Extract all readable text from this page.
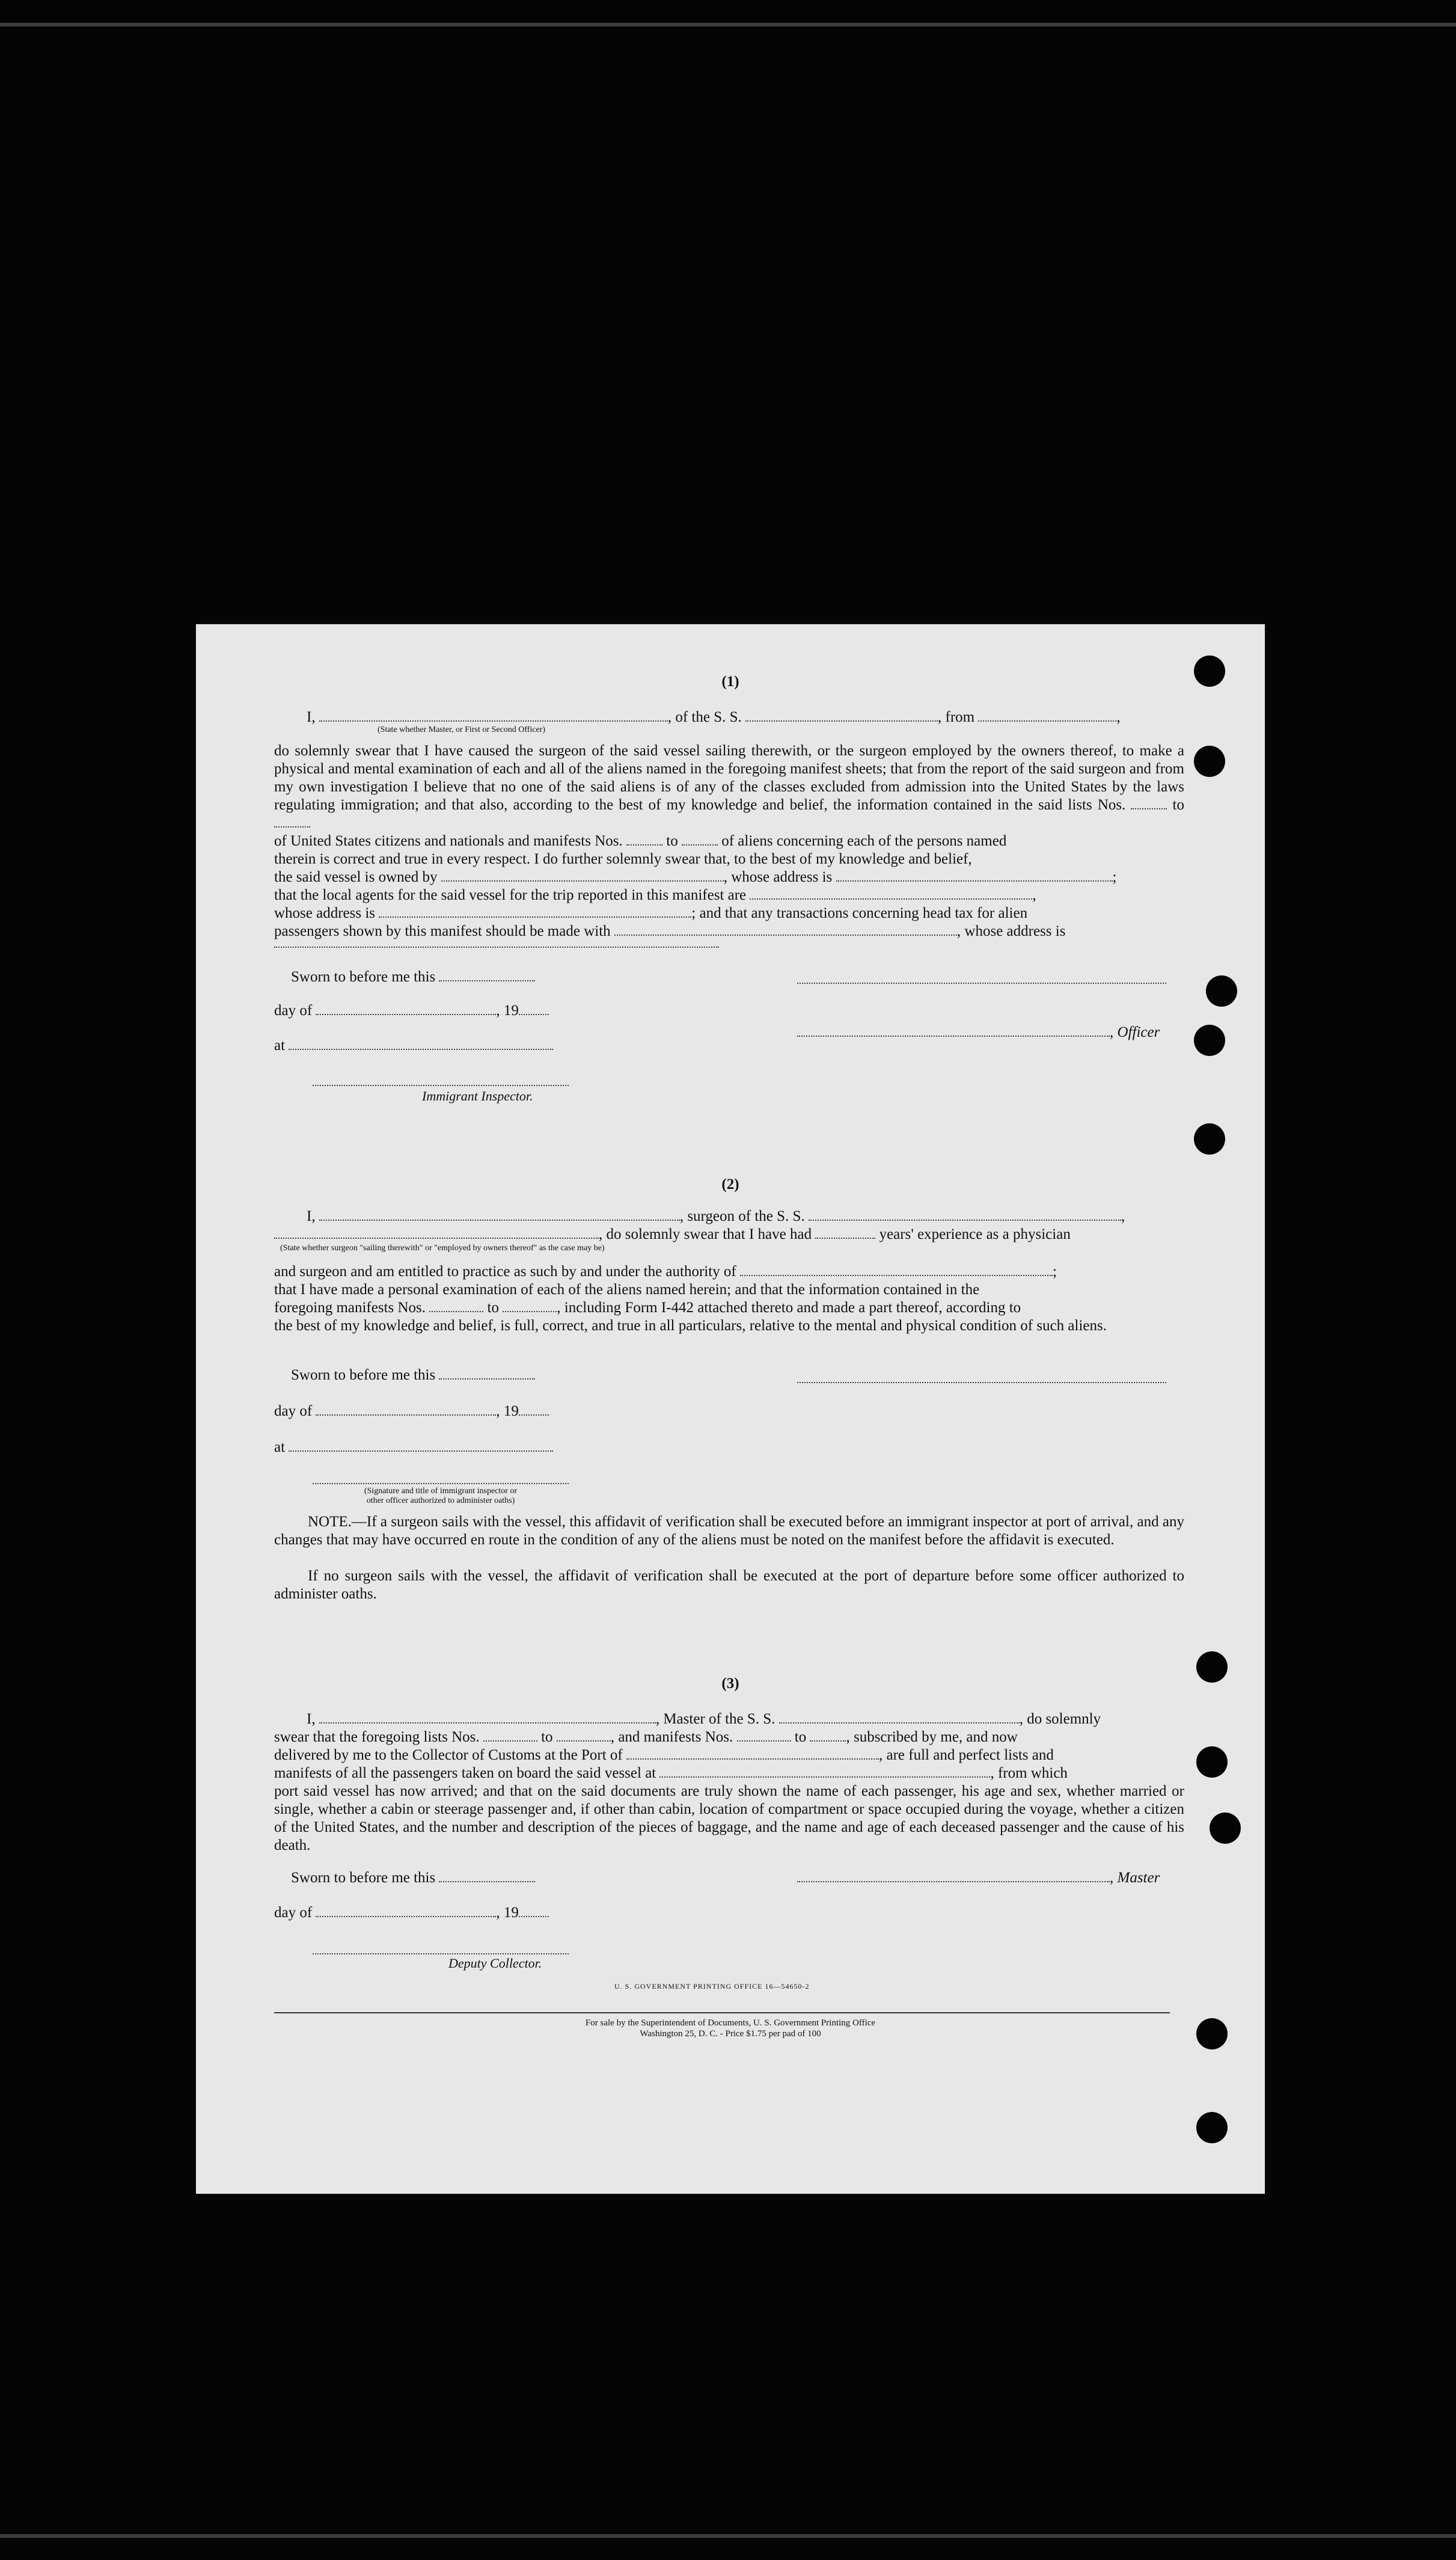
(1)
I,	, of the S. S.	, from	,
(State whether Master, or First or Second Officer)
do solemnly swear that I have caused the surgeon of the said vessel sailing therewith, or the surgeon employed by the owners thereof, to make a physical and mental examination of each and all of the aliens named in the foregoing manifest sheets; that from the report of the said surgeon and from my own investigation I believe that no one of the said aliens is of any of the classes excluded from admission into the United States by the laws regulating immigration; and that also, according to the best of my knowledge and belief, the information contained in the said lists Nos.	to
of United States citizens and nationals and manifests Nos.	to	of aliens concerning each of the persons named
therein is correct and true in every respect. I do further solemnly swear that, to the best of my knowledge and belief,
the said vessel is owned by	, whose address is	;
that the local agents for the said vessel for the trip reported in this manifest are	,
whose address is	; and that any transactions concerning head tax for alien
passengers shown by this manifest should be made with	, whose address is
Sworn to before me this
day of	, 19
, Officer
at
Immigrant Inspector.
(2)
I,	, surgeon of the S. S.	,
, do solemnly swear that I have had	years' experience as a physician
(State whether surgeon "sailing therewith" or "employed by owners thereof" as the case may be)
and surgeon and am entitled to practice as such by and under the authority of	;
that I have made a personal examination of each of the aliens named herein; and that the information contained in the
foregoing manifests Nos.	to	, including Form I-442 attached thereto and made a part thereof, according to
the best of my knowledge and belief, is full, correct, and true in all particulars, relative to the mental and physical condition of such aliens.
Sworn to before me this
day of	, 19
at
(Signature and title of immigrant inspector or
other officer authorized to administer oaths)
NOTE.—If a surgeon sails with the vessel, this affidavit of verification shall be executed before an immigrant inspector at port of arrival, and any changes that may have occurred en route in the condition of any of the aliens must be noted on the manifest before the affidavit is executed.
If no surgeon sails with the vessel, the affidavit of verification shall be executed at the port of departure before some officer authorized to administer oaths.
(3)
I,	, Master of the S. S.	, do solemnly
swear that the foregoing lists Nos.	to	, and manifests Nos.	to	, subscribed by me, and now
delivered by me to the Collector of Customs at the Port of	, are full and perfect lists and
manifests of all the passengers taken on board the said vessel at	, from which
port said vessel has now arrived; and that on the said documents are truly shown the name of each passenger, his age and sex, whether married or single, whether a cabin or steerage passenger and, if other than cabin, location of compartment or space occupied during the voyage, whether a citizen of the United States, and the number and description of the pieces of baggage, and the name and age of each deceased passenger and the cause of his death.
Sworn to before me this	, Master
day of	, 19
Deputy Collector.
U. S. GOVERNMENT PRINTING OFFICE 16—54650-2
For sale by the Superintendent of Documents, U. S. Government Printing Office
Washington 25, D. C. - Price $1.75 per pad of 100
